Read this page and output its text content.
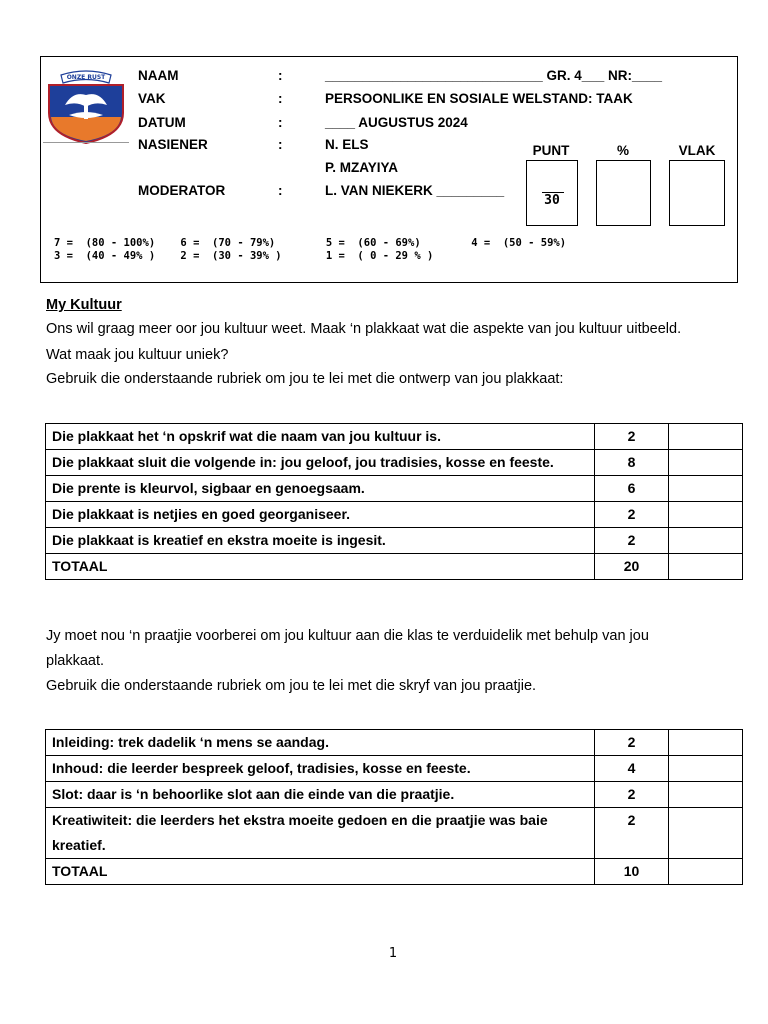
ONZE RUST NAAM	:	_____________________________ GR. 4___ NR:____
VAK	:	PERSOONLIKE EN SOSIALE WELSTAND: TAAK
DATUM	:	____ AUGUSTUS 2024
NASIENER	:	N. ELS
P. MZAYIYA
MODERATOR	:	L. VAN NIEKERK _________
PUNT	%	VLAK
30
7 =  (80 - 100%)    6 =  (70 - 79%)        5 =  (60 - 69%)        4 =  (50 - 59%)
3 =  (40 - 49% )    2 =  (30 - 39% )       1 =  ( 0 - 29 % )
My Kultuur
Ons wil graag meer oor jou kultuur weet. Maak ‘n plakkaat wat die aspekte van jou kultuur uitbeeld.
Wat maak jou kultuur uniek?
Gebruik die onderstaande rubriek om jou te lei met die ontwerp van jou plakkaat:
Die plakkaat het ‘n opskrif wat die naam van jou kultuur is.	2	
Die plakkaat sluit die volgende in: jou geloof, jou tradisies, kosse en feeste.	8	
Die prente is kleurvol, sigbaar en genoegsaam.	6	
Die plakkaat is netjies en goed georganiseer.	2	
Die plakkaat is kreatief en ekstra moeite is ingesit.	2	
TOTAAL	20	
Jy moet nou ‘n praatjie voorberei om jou kultuur aan die klas te verduidelik met behulp van jou
plakkaat.
Gebruik die onderstaande rubriek om jou te lei met die skryf van jou praatjie.
Inleiding: trek dadelik ‘n mens se aandag.	2	
Inhoud: die leerder bespreek geloof, tradisies, kosse en feeste.	4	
Slot: daar is ‘n behoorlike slot aan die einde van die praatjie.	2	
Kreatiwiteit: die leerders het ekstra moeite gedoen en die praatjie was baie kreatief.	2	
TOTAAL	10	
1
